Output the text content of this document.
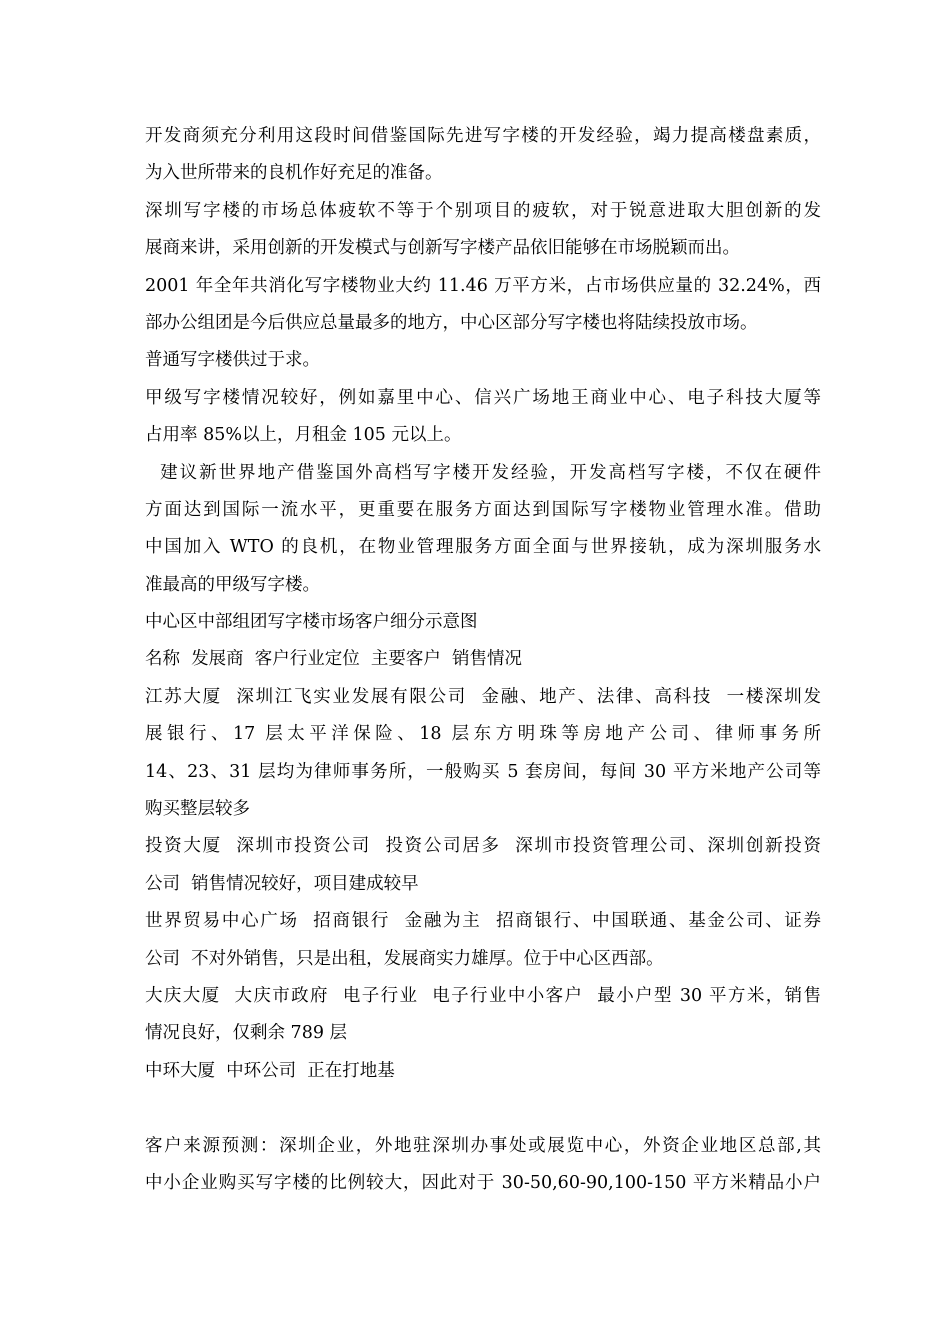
开发商须充分利用这段时间借鉴国际先进写字楼的开发经验，竭力提高楼盘素质，
为入世所带来的良机作好充足的准备。
深圳写字楼的市场总体疲软不等于个别项目的疲软，对于锐意进取大胆创新的发
展商来讲，采用创新的开发模式与创新写字楼产品依旧能够在市场脱颖而出。
2001 年全年共消化写字楼物业大约 11.46 万平方米，占市场供应量的 32.24%，西
部办公组团是今后供应总量最多的地方，中心区部分写字楼也将陆续投放市场。
普通写字楼供过于求。
甲级写字楼情况较好，例如嘉里中心、信兴广场地王商业中心、电子科技大厦等
占用率 85%以上，月租金 105 元以上。
建议新世界地产借鉴国外高档写字楼开发经验，开发高档写字楼，不仅在硬件
方面达到国际一流水平，更重要在服务方面达到国际写字楼物业管理水准。借助
中国加入 WTO 的良机，在物业管理服务方面全面与世界接轨，成为深圳服务水
准最高的甲级写字楼。
中心区中部组团写字楼市场客户细分示意图
名称  发展商  客户行业定位  主要客户  销售情况
江苏大厦  深圳江飞实业发展有限公司  金融、地产、法律、高科技  一楼深圳发
展银行、17 层太平洋保险、18 层东方明珠等房地产公司、律师事务所
14、23、31 层均为律师事务所，一般购买 5 套房间，每间 30 平方米地产公司等
购买整层较多
投资大厦  深圳市投资公司  投资公司居多  深圳市投资管理公司、深圳创新投资
公司  销售情况较好，项目建成较早
世界贸易中心广场  招商银行  金融为主  招商银行、中国联通、基金公司、证券
公司  不对外销售，只是出租，发展商实力雄厚。位于中心区西部。
大庆大厦  大庆市政府  电子行业  电子行业中小客户  最小户型 30 平方米，销售
情况良好，仅剩余 789 层
中环大厦  中环公司  正在打地基
客户来源预测：深圳企业，外地驻深圳办事处或展览中心，外资企业地区总部,其
中小企业购买写字楼的比例较大，因此对于 30-50,60-90,100-150 平方米精品小户
